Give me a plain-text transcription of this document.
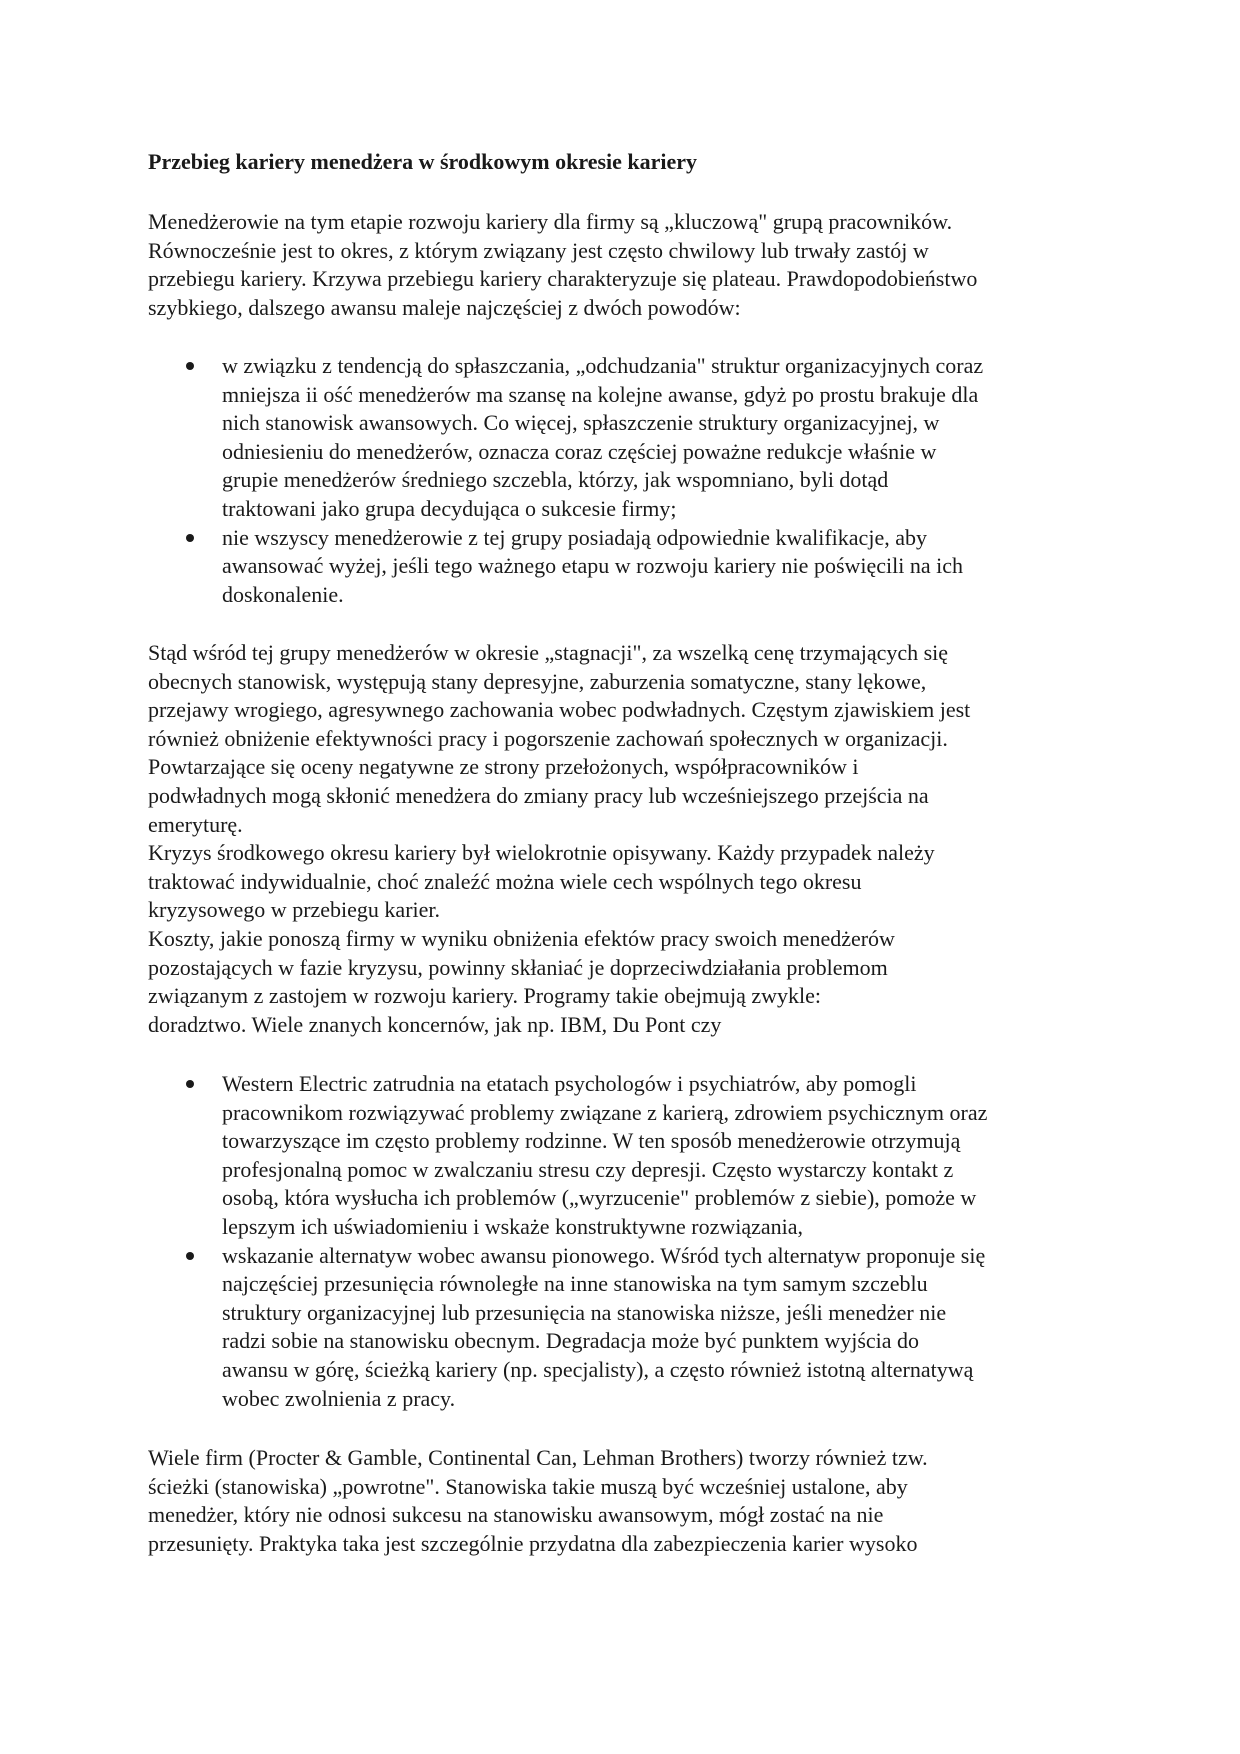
Przebieg kariery menedżera w środkowym okresie kariery

Menedżerowie na tym etapie rozwoju kariery dla firmy są „kluczową" grupą pracowników.

Równocześnie jest to okres, z którym związany jest często chwilowy lub trwały zastój w

przebiegu kariery. Krzywa przebiegu kariery charakteryzuje się plateau. Prawdopodobieństwo

szybkiego, dalszego awansu maleje najczęściej z dwóch powodów:

w związku z tendencją do spłaszczania, „odchudzania" struktur organizacyjnych coraz

mniejsza ii ość menedżerów ma szansę na kolejne awanse, gdyż po prostu brakuje dla

nich stanowisk awansowych. Co więcej, spłaszczenie struktury organizacyjnej, w

odniesieniu do menedżerów, oznacza coraz częściej poważne redukcje właśnie w

grupie menedżerów średniego szczebla, którzy, jak wspomniano, byli dotąd

traktowani jako grupa decydująca o sukcesie firmy;

nie wszyscy menedżerowie z tej grupy posiadają odpowiednie kwalifikacje, aby

awansować wyżej, jeśli tego ważnego etapu w rozwoju kariery nie poświęcili na ich

doskonalenie.

Stąd wśród tej grupy menedżerów w okresie „stagnacji", za wszelką cenę trzymających się

obecnych stanowisk, występują stany depresyjne, zaburzenia somatyczne, stany lękowe,

przejawy wrogiego, agresywnego zachowania wobec podwładnych. Częstym zjawiskiem jest

również obniżenie efektywności pracy i pogorszenie zachowań społecznych w organizacji.

Powtarzające się oceny negatywne ze strony przełożonych, współpracowników i

podwładnych mogą skłonić menedżera do zmiany pracy lub wcześniejszego przejścia na

emeryturę.

Kryzys środkowego okresu kariery był wielokrotnie opisywany. Każdy przypadek należy

traktować indywidualnie, choć znaleźć można wiele cech wspólnych tego okresu

kryzysowego w przebiegu karier.

Koszty, jakie ponoszą firmy w wyniku obniżenia efektów pracy swoich menedżerów

pozostających w fazie kryzysu, powinny skłaniać je doprzeciwdziałania problemom

związanym z zastojem w rozwoju kariery. Programy takie obejmują zwykle:

doradztwo. Wiele znanych koncernów, jak np. IBM, Du Pont czy

Western Electric zatrudnia na etatach psychologów i psychiatrów, aby pomogli

pracownikom rozwiązywać problemy związane z karierą, zdrowiem psychicznym oraz

towarzyszące im często problemy rodzinne. W ten sposób menedżerowie otrzymują

profesjonalną pomoc w zwalczaniu stresu czy depresji. Często wystarczy kontakt z

osobą, która wysłucha ich problemów („wyrzucenie" problemów z siebie), pomoże w

lepszym ich uświadomieniu i wskaże konstruktywne rozwiązania,

wskazanie alternatyw wobec awansu pionowego. Wśród tych alternatyw proponuje się

najczęściej przesunięcia równoległe na inne stanowiska na tym samym szczeblu

struktury organizacyjnej lub przesunięcia na stanowiska niższe, jeśli menedżer nie

radzi sobie na stanowisku obecnym. Degradacja może być punktem wyjścia do

awansu w górę, ścieżką kariery (np. specjalisty), a często również istotną alternatywą

wobec zwolnienia z pracy.

Wiele firm (Procter & Gamble, Continental Can, Lehman Brothers) tworzy również tzw.

ścieżki (stanowiska) „powrotne". Stanowiska takie muszą być wcześniej ustalone, aby

menedżer, który nie odnosi sukcesu na stanowisku awansowym, mógł zostać na nie

przesunięty. Praktyka taka jest szczególnie przydatna dla zabezpieczenia karier wysoko
